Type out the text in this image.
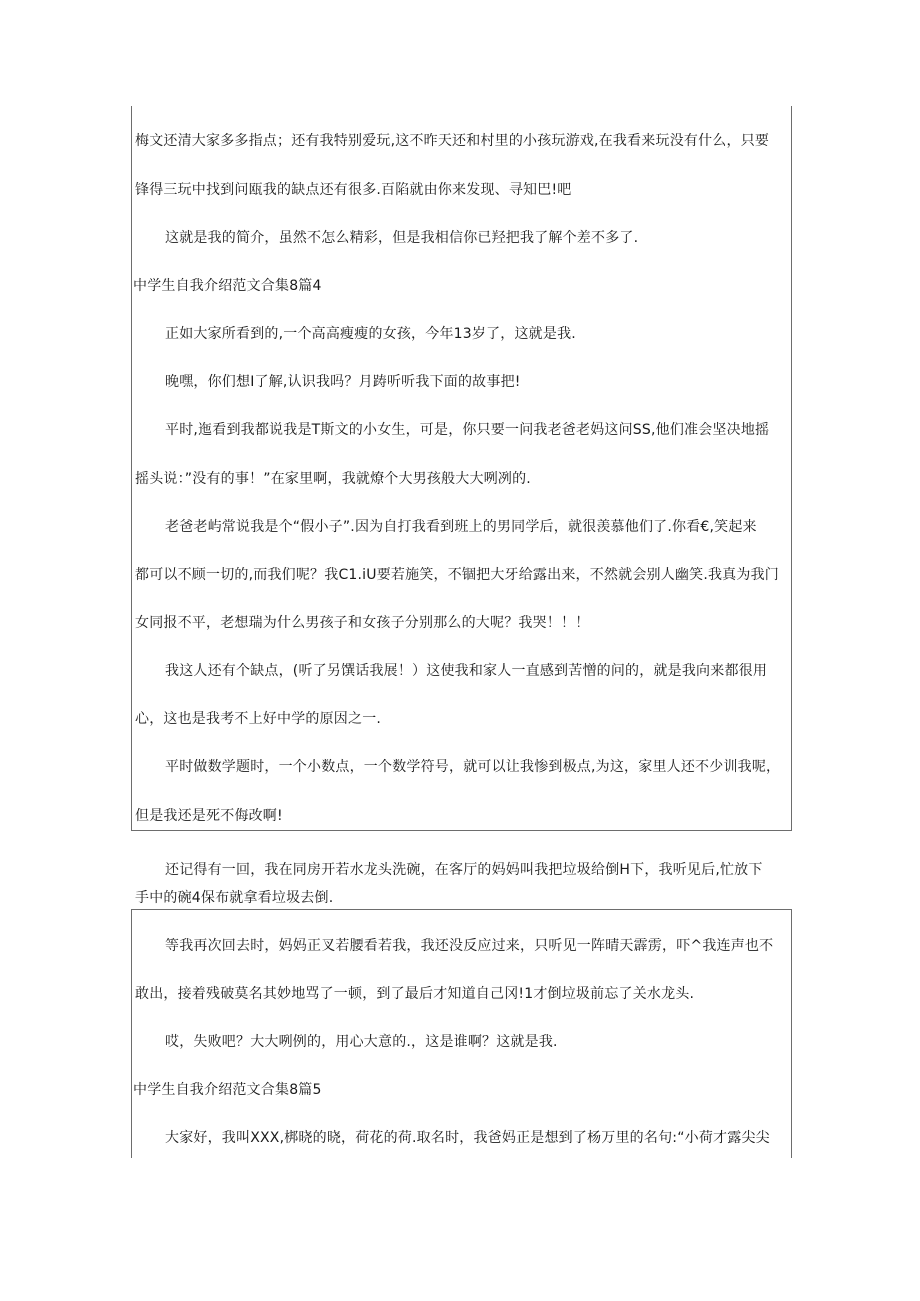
梅文还清大家多多指点；还有我特别爱玩,这不昨天还和村里的小孩玩游戏,在我看来玩没有什么，只要

锋得三玩中找到问瓯我的缺点还有很多.百陷就由你来发现、寻知巴!吧

这就是我的简介，虽然不怎么精彩，但是我相信你已羟把我了解个差不多了.

中学生自我介绍范文合集8篇4

正如大家所看到的,一个高高瘦瘦的女孩，今年13岁了，这就是我.

晚嘿，你们想I了解,认识我吗？月踌听听我下面的故事把!

平时,迤看到我都说我是T斯文的小女生，可是，你只要一问我老爸老妈这问SS,他们准会坚决地摇

摇头说：”没有的事！”在家里啊，我就燎个大男孩般大大咧冽的.

老爸老屿常说我是个“假小子”.因为自打我看到班上的男同学后，就很羡慕他们了.你看€,笑起来

都可以不顾一切的,而我们呢？我C1.iU要若施笑，不锢把大牙给露出来，不然就会别人幽笑.我真为我门

女同报不平，老想瑞为什么男孩子和女孩子分别那么的大呢？我哭！！！

我这人还有个缺点，(听了另馔话我展！）这使我和家人一直感到苦憎的问的，就是我向来都很用

心，这也是我考不上好中学的原因之一.

平时做数学题时，一个小数点，一个数学符号，就可以让我惨到极点,为这，家里人还不少训我呢，

但是我还是死不侮改啊!

还记得有一回，我在同房开若水龙头洗碗，在客厅的妈妈叫我把垃圾给倒H下，我听见后,忙放下

手中的碗4保布就拿看垃圾去倒.

等我再次回去时，妈妈正叉若腰看若我，我还没反应过来，只听见一阵晴天霹雳，吓^我连声也不

敢出，接着残破莫名其妙地骂了一顿，到了最后才知道自己冈!1才倒垃圾前忘了关水龙头.

哎，失败吧？大大咧例的，用心大意的.，这是谁啊？这就是我.

中学生自我介绍范文合集8篇5

大家好，我叫XXX,梆晓的晓，荷花的荷.取名时，我爸妈正是想到了杨万里的名句:“小荷才露尖尖
